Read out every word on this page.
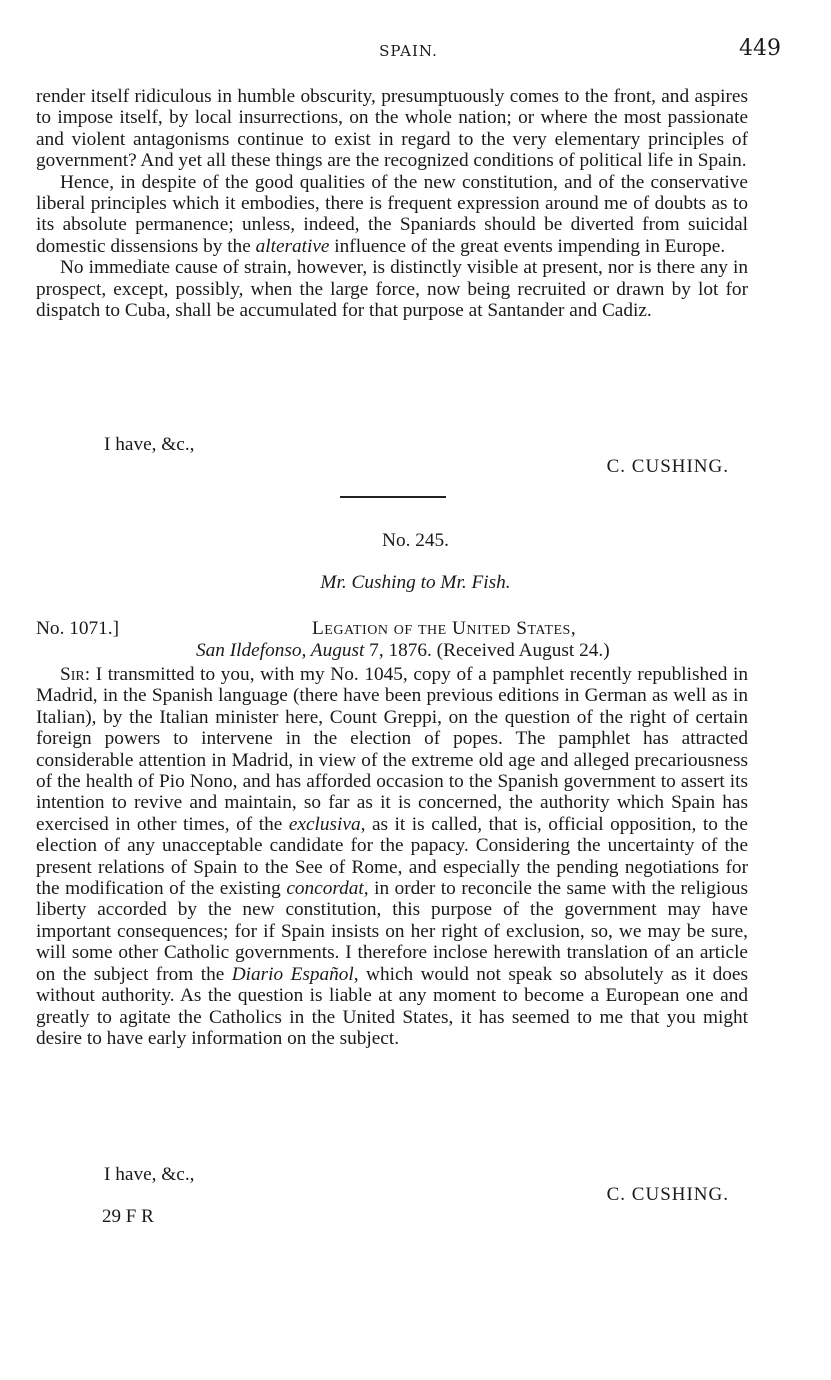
SPAIN.	449

render itself ridiculous in humble obscurity, presumptuously comes to the front, and aspires to impose itself, by local insurrections, on the whole nation; or where the most passionate and violent antagonisms continue to exist in regard to the very elementary principles of government? And yet all these things are the recognized conditions of political life in Spain.

Hence, in despite of the good qualities of the new constitution, and of the conservative liberal principles which it embodies, there is frequent expression around me of doubts as to its absolute permanence; unless, indeed, the Spaniards should be diverted from suicidal domestic dissensions by the alterative influence of the great events impending in Europe.

No immediate cause of strain, however, is distinctly visible at present, nor is there any in prospect, except, possibly, when the large force, now being recruited or drawn by lot for dispatch to Cuba, shall be accumulated for that purpose at Santander and Cadiz.

I have, &c.,
C. CUSHING.
No. 245.
Mr. Cushing to Mr. Fish.
No. 1071.]	Legation of the United States,
San Ildefonso, August 7, 1876. (Received August 24.)

Sir: I transmitted to you, with my No. 1045, copy of a pamphlet recently republished in Madrid, in the Spanish language (there have been previous editions in German as well as in Italian), by the Italian minister here, Count Greppi, on the question of the right of certain foreign powers to intervene in the election of popes. The pamphlet has attracted considerable attention in Madrid, in view of the extreme old age and alleged precariousness of the health of Pio Nono, and has afforded occasion to the Spanish government to assert its intention to revive and maintain, so far as it is concerned, the authority which Spain has exercised in other times, of the exclusiva, as it is called, that is, official opposition, to the election of any unacceptable candidate for the papacy. Considering the uncertainty of the present relations of Spain to the See of Rome, and especially the pending negotiations for the modification of the existing concordat, in order to reconcile the same with the religious liberty accorded by the new constitution, this purpose of the government may have important consequences; for if Spain insists on her right of exclusion, so, we may be sure, will some other Catholic governments. I therefore inclose herewith translation of an article on the subject from the Diario Español, which would not speak so absolutely as it does without authority. As the question is liable at any moment to become a European one and greatly to agitate the Catholics in the United States, it has seemed to me that you might desire to have early information on the subject.

I have, &c.,
C. CUSHING.
29 F R
